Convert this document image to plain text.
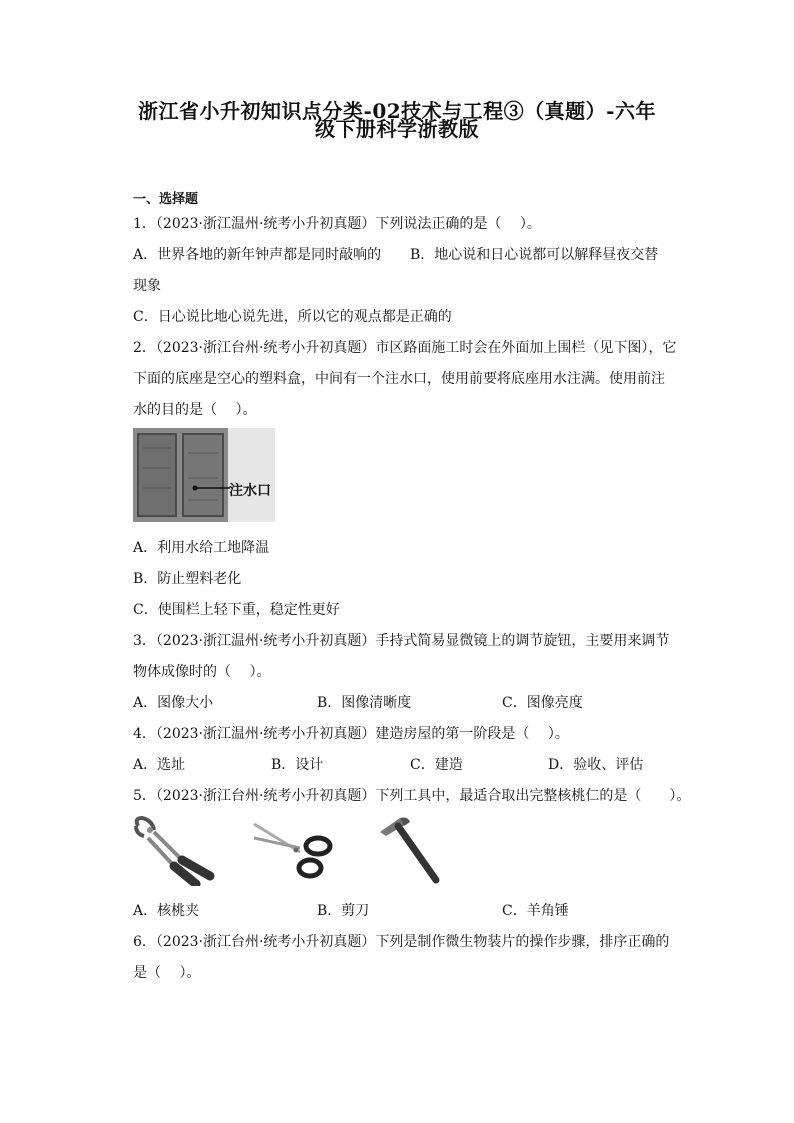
浙江省小升初知识点分类-02技术与工程③（真题）-六年
级下册科学浙教版
一、选择题
1．（2023·浙江温州·统考小升初真题）下列说法正确的是（　 ）。
A．世界各地的新年钟声都是同时敲响的 B．地心说和日心说都可以解释昼夜交替
现象
C．日心说比地心说先进，所以它的观点都是正确的
2．（2023·浙江台州·统考小升初真题）市区路面施工时会在外面加上围栏（见下图），它
下面的底座是空心的塑料盒，中间有一个注水口，使用前要将底座用水注满。使用前注
水的目的是（　 ）。
注水口
A．利用水给工地降温
B．防止塑料老化
C．使围栏上轻下重，稳定性更好
3．（2023·浙江温州·统考小升初真题）手持式简易显微镜上的调节旋钮，主要用来调节
物体成像时的（　 ）。
A．图像大小	B．图像清晰度	C．图像亮度
4．（2023·浙江温州·统考小升初真题）建造房屋的第一阶段是（　 ）。
A．选址	B．设计	C．建造	D．验收、评估
5．（2023·浙江台州·统考小升初真题）下列工具中，最适合取出完整核桃仁的是（　　）。
A．核桃夹	B．剪刀	C．羊角锤
6．（2023·浙江台州·统考小升初真题）下列是制作微生物装片的操作步骤，排序正确的
是（　 ）。
